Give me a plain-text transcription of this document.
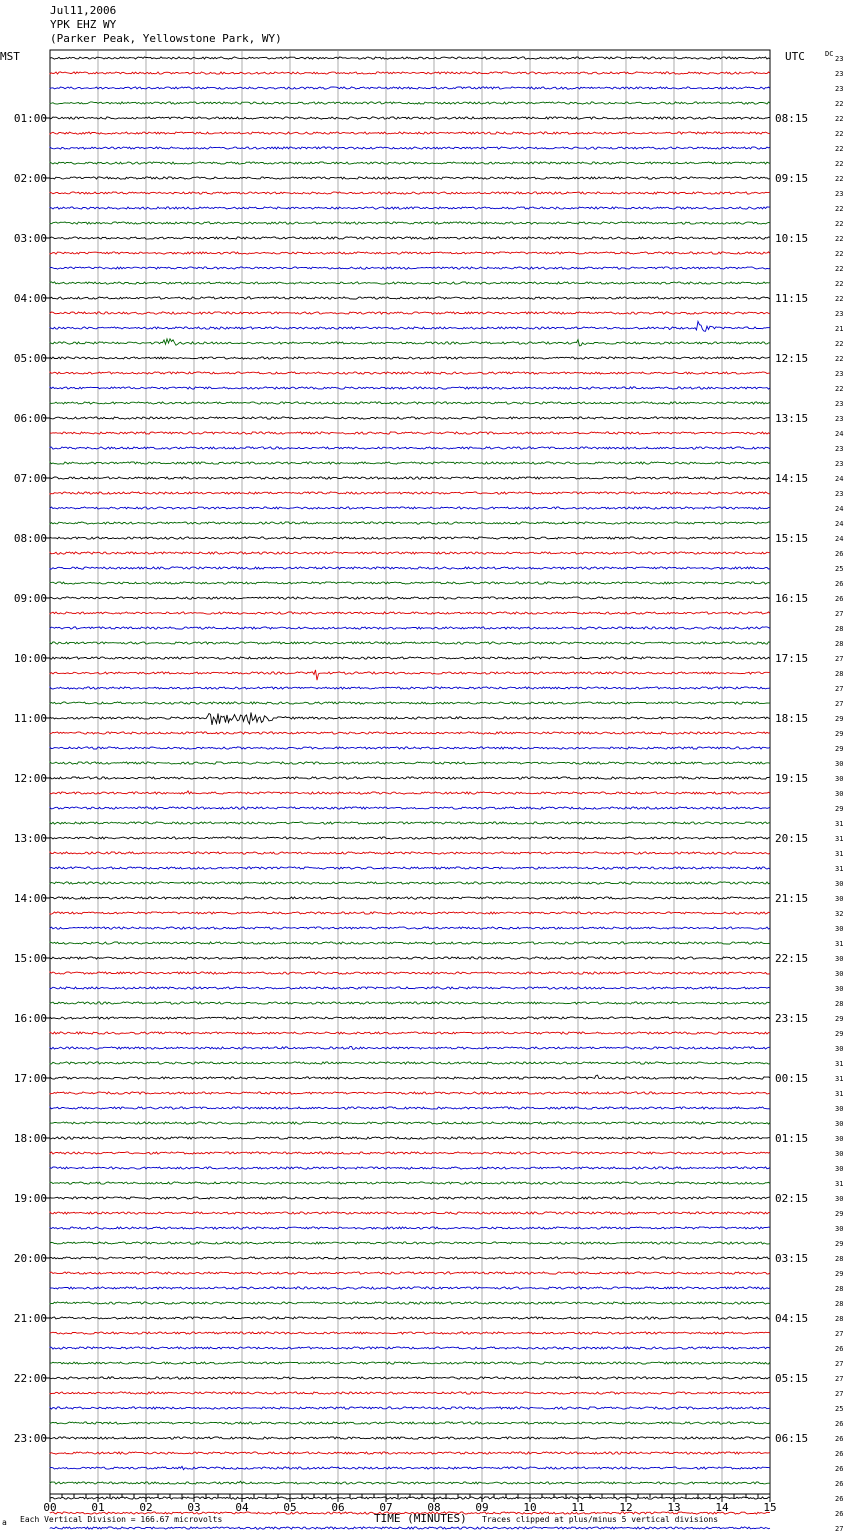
Jul11,2006
YPK EHZ WY
(Parker Peak, Yellowstone Park, WY)
MST	UTC	23
23
23
22
22
22
22
22
22
23
22
22
22
22
22
22
22
23
21
22
22
23
22
23
23
24
23
23
24
23
24
24
24
26
25
26
26
27
28
28
27
28
27
27
29
29
29
30
30
30
29
31
31
31
31
30
30
32
30
31
30
30
30
28
29
29
30
31
31
31
30
30
30
30
30
31
30
29
30
29
28
29
28
28
28
27
26
27
27
27
25
26
26
26
26
26
26
26
27
DC
01:00
02:00
03:00
04:00
05:00
06:00
07:00
08:00
09:00
10:00
11:00
12:00
13:00
14:00
15:00
16:00
17:00
18:00
19:00
20:00
21:00
22:00
23:00
08:15
09:15
10:15
11:15
12:15
13:15
14:15
15:15
16:15
17:15
18:15
19:15
20:15
21:15
22:15
23:15
00:15
01:15
02:15
03:15
04:15
05:15
06:15
00	01	02	03	04	05	06	07	08	09	10	11	12	13	14	15
a Each Vertical Division = 166.67 microvolts	TIME (MINUTES) Traces clipped at plus/minus 5 vertical divisions
